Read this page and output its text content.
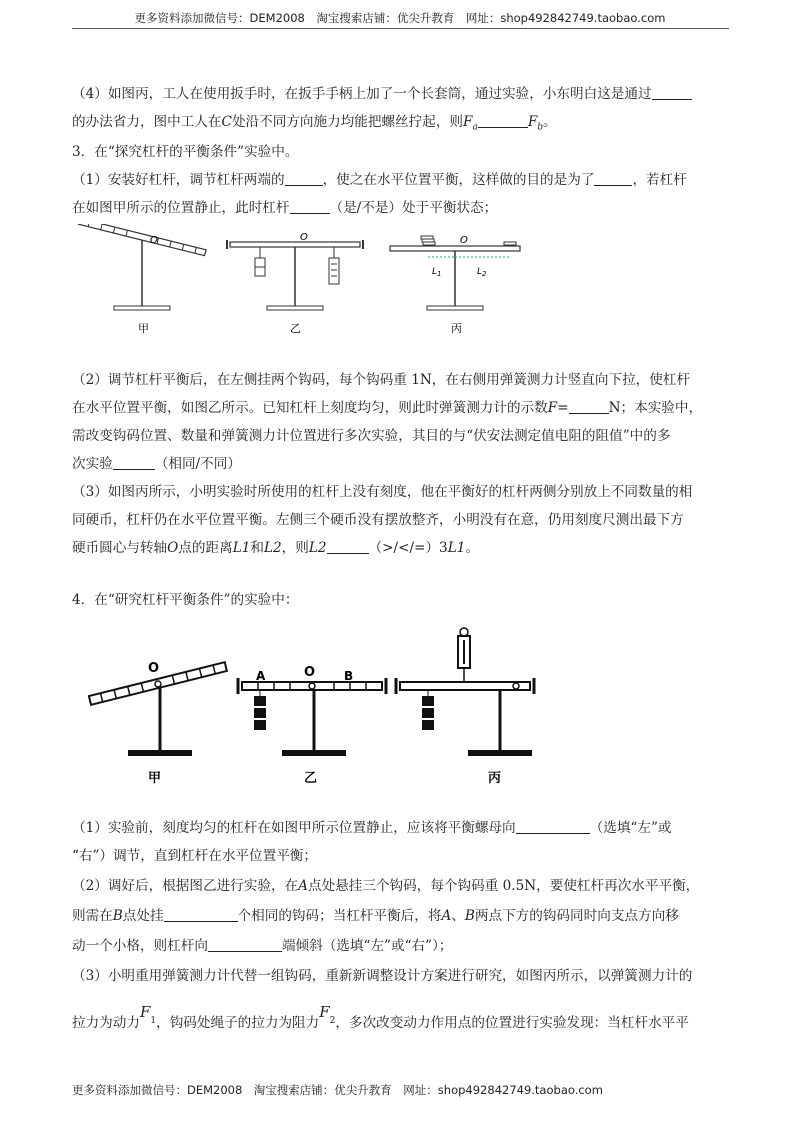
更多资料添加微信号：DEM2008　淘宝搜索店铺：优尖升教育　网址：shop492842749.taobao.com
（4）如图丙，工人在使用扳手时，在扳手手柄上加了一个长套筒，通过实验，小东明白这是通过
的办法省力，图中工人在C处沿不同方向施力均能把螺丝拧起，则$F_a$	$F_b$。
3．在“探究杠杆的平衡条件”实验中。
（1）安装好杠杆，调节杠杆两端的	，使之在水平位置平衡，这样做的目的是为了	，若杠杆
在如图甲所示的位置静止，此时杠杆	（是/不是）处于平衡状态；
O
甲
O
乙
O
$L_1$	$L_2$
丙
（2）调节杠杆平衡后，在左侧挂两个钩码，每个钩码重 1N，在右侧用弹簧测力计竖直向下拉，使杠杆
在水平位置平衡，如图乙所示。已知杠杆上刻度均匀，则此时弹簧测力计的示数F=	N；本实验中，
需改变钩码位置、数量和弹簧测力计位置进行多次实验，其目的与“伏安法测定值电阻的阻值”中的多
次实验	（相同/不同）
（3）如图丙所示，小明实验时所使用的杠杆上没有刻度，他在平衡好的杠杆两侧分别放上不同数量的相
同硬币，杠杆仍在水平位置平衡。左侧三个硬币没有摆放整齐，小明没有在意，仍用刻度尺测出最下方
硬币圆心与转轴O点的距离L1和L2，则L2	（>/</=）3L1。
4．在“研究杠杆平衡条件”的实验中：
O
甲
O
A	B
乙	丙
（1）实验前，刻度均匀的杠杆在如图甲所示位置静止，应该将平衡螺母向	（选填“左”或
“右”）调节，直到杠杆在水平位置平衡；
（2）调好后，根据图乙进行实验，在A点处悬挂三个钩码，每个钩码重 0.5N，要使杠杆再次水平平衡，
则需在B点处挂	个相同的钩码；当杠杆平衡后，将A、B两点下方的钩码同时向支点方向移
动一个小格，则杠杆向	端倾斜（选填“左”或“右”）；
（3）小明重用弹簧测力计代替一组钩码，重新新调整设计方案进行研究，如图丙所示，以弹簧测力计的
拉力为动力$F_1$，钩码处绳子的拉力为阻力$F_2$，多次改变动力作用点的位置进行实验发现：当杠杆水平平
更多资料添加微信号：DEM2008　淘宝搜索店铺：优尖升教育　网址：shop492842749.taobao.com
